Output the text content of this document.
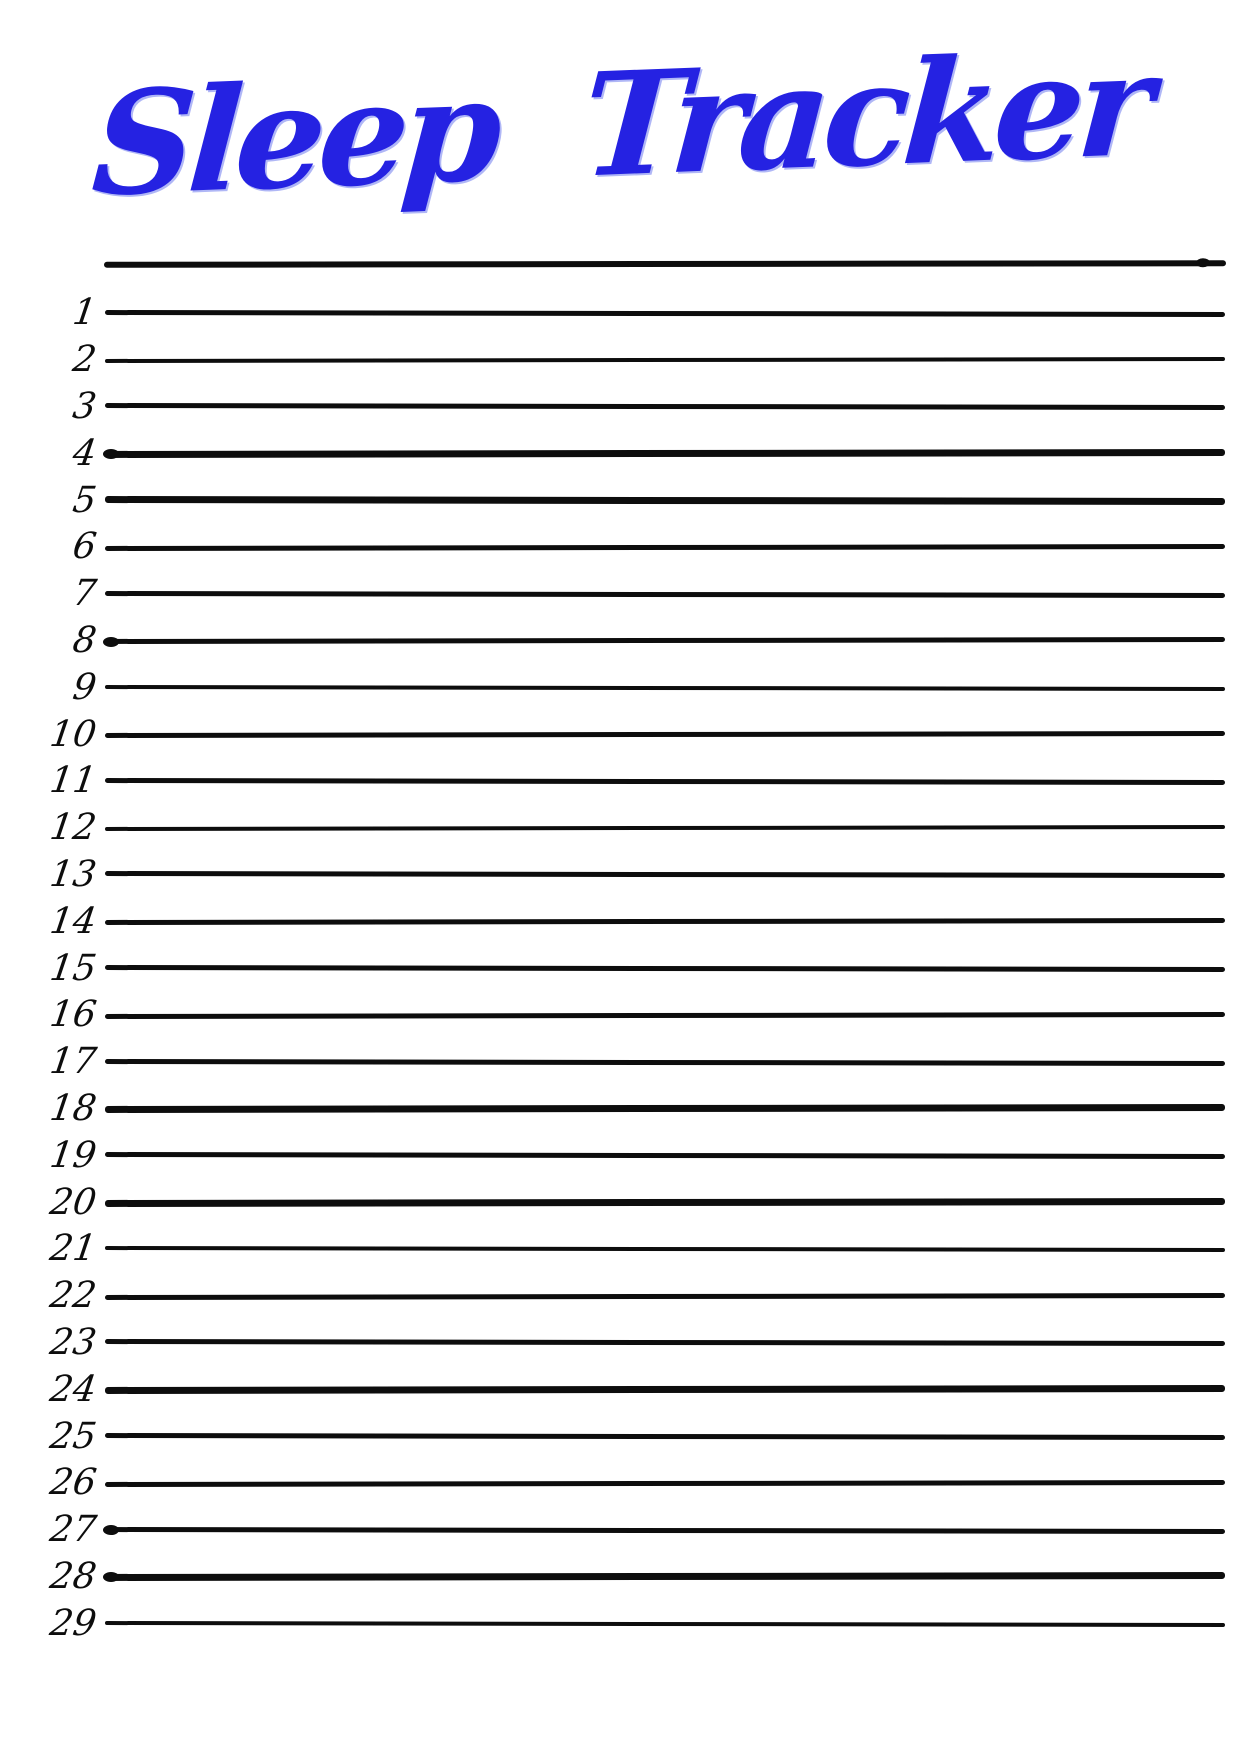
Sleep Tracker
1
2
3
4
5
6
7
8
9
10
11
12
13
14
15
16
17
18
19
20
21
22
23
24
25
26
27
28
29
